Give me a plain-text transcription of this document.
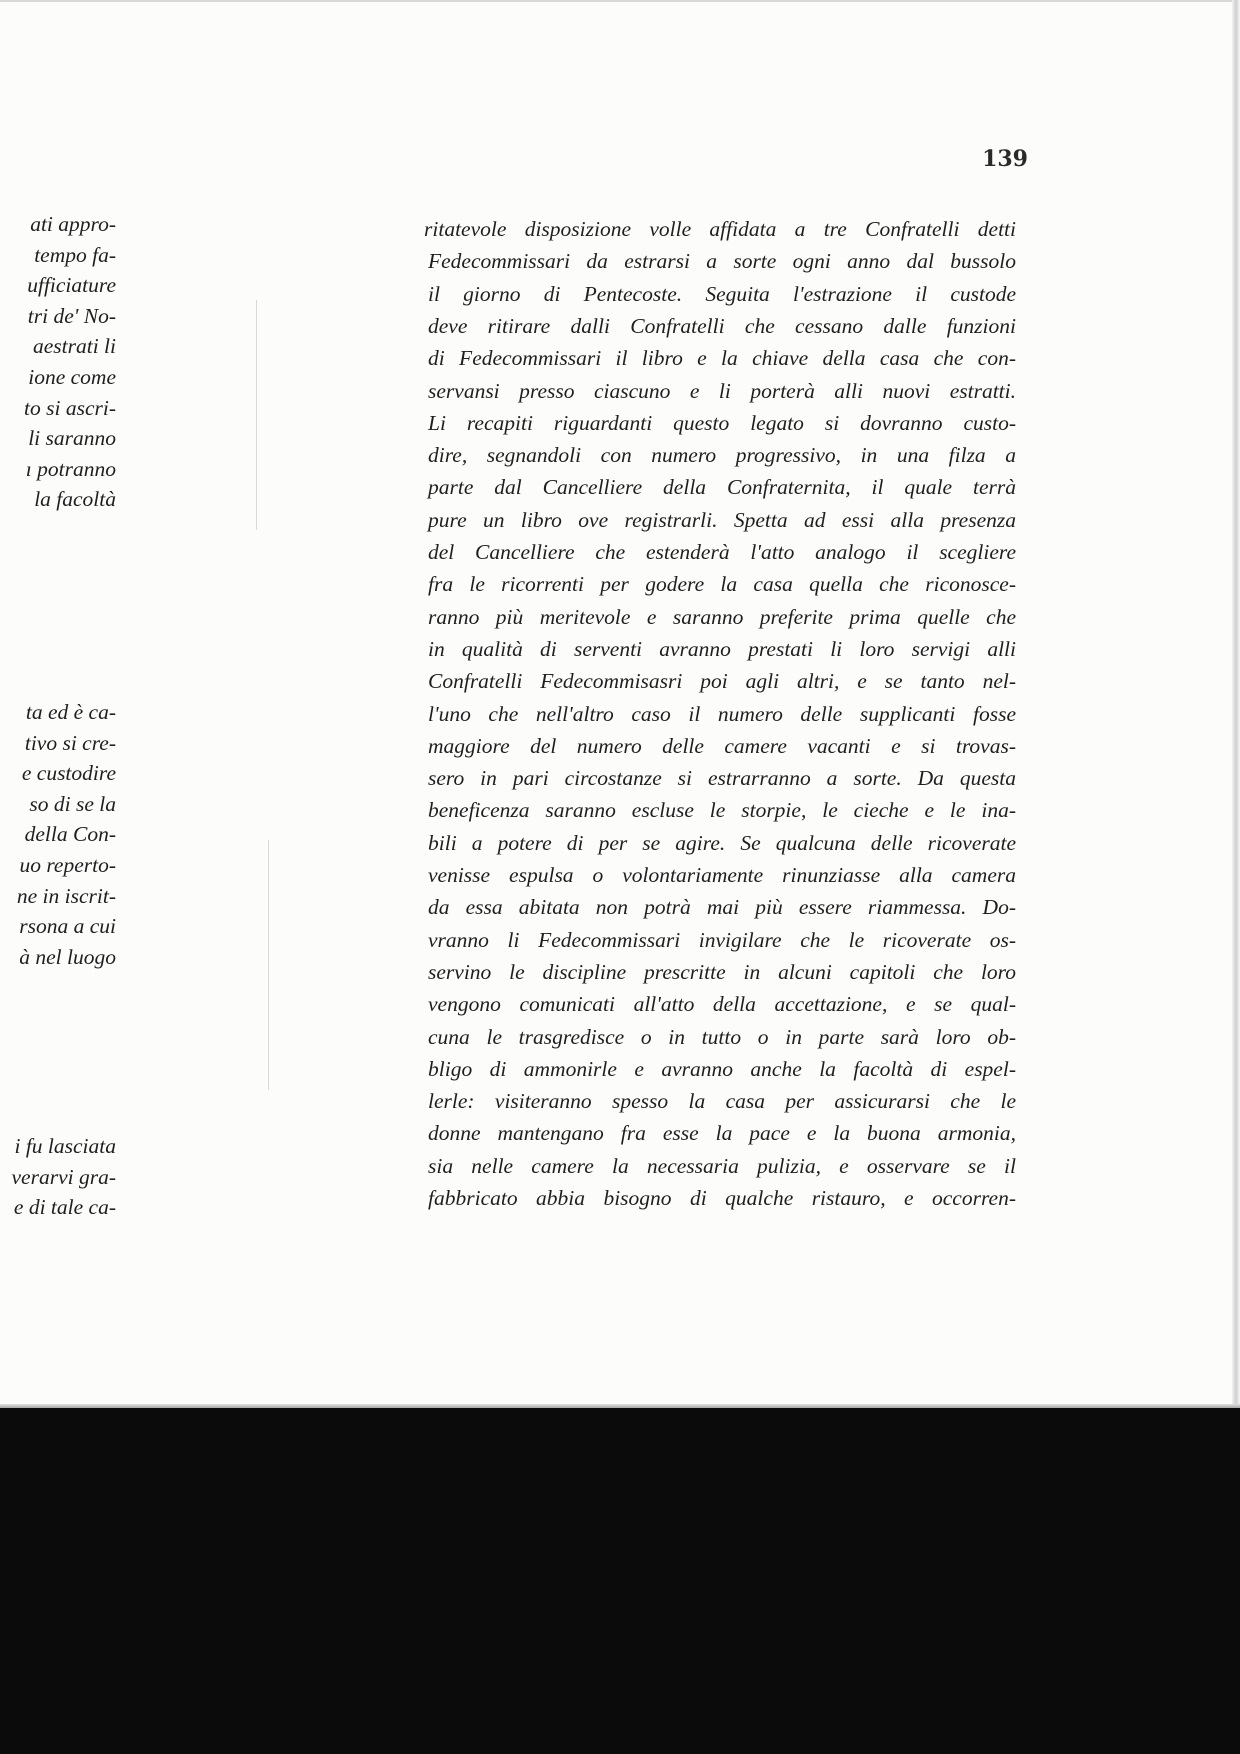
139
ati appro-
tempo fa-
ufficiature
tri de' No-
aestrati li
ione come
to si ascri-
li saranno
ı potranno
la facoltà
ta ed è ca-
tivo si cre-
e custodire
so di se la
della Con-
uo reperto-
ne in iscrit-
rsona a cui
à nel luogo
i fu lasciata
verarvi gra-
e di tale ca-
ritatevole disposizione volle affidata a tre Confratelli detti
Fedecommissari da estrarsi a sorte ogni anno dal bussolo
il giorno di Pentecoste. Seguita l'estrazione il custode
deve ritirare dalli Confratelli che cessano dalle funzioni
di Fedecommissari il libro e la chiave della casa che con-
servansi presso ciascuno e li porterà alli nuovi estratti.
Li recapiti riguardanti questo legato si dovranno custo-
dire, segnandoli con numero progressivo, in una filza a
parte dal Cancelliere della Confraternita, il quale terrà
pure un libro ove registrarli. Spetta ad essi alla presenza
del Cancelliere che estenderà l'atto analogo il scegliere
fra le ricorrenti per godere la casa quella che riconosce-
ranno più meritevole e saranno preferite prima quelle che
in qualità di serventi avranno prestati li loro servigi alli
Confratelli Fedecommisasri poi agli altri, e se tanto nel-
l'uno che nell'altro caso il numero delle supplicanti fosse
maggiore del numero delle camere vacanti e si trovas-
sero in pari circostanze si estrarranno a sorte. Da questa
beneficenza saranno escluse le storpie, le cieche e le ina-
bili a potere di per se agire. Se qualcuna delle ricoverate
venisse espulsa o volontariamente rinunziasse alla camera
da essa abitata non potrà mai più essere riammessa. Do-
vranno li Fedecommissari invigilare che le ricoverate os-
servino le discipline prescritte in alcuni capitoli che loro
vengono comunicati all'atto della accettazione, e se qual-
cuna le trasgredisce o in tutto o in parte sarà loro ob-
bligo di ammonirle e avranno anche la facoltà di espel-
lerle: visiteranno spesso la casa per assicurarsi che le
donne mantengano fra esse la pace e la buona armonia,
sia nelle camere la necessaria pulizia, e osservare se il
fabbricato abbia bisogno di qualche ristauro, e occorren-
